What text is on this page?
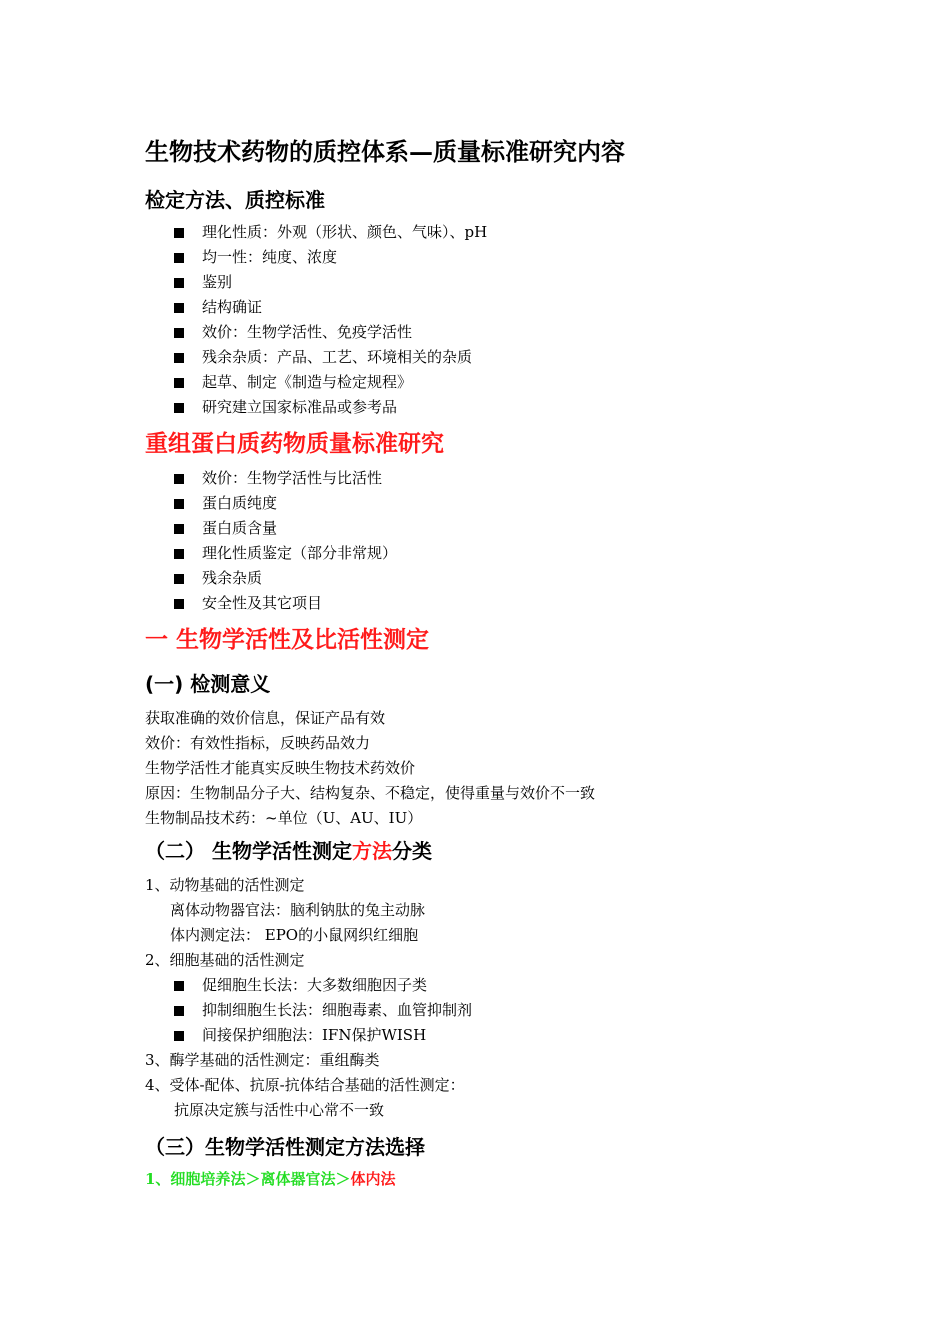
生物技术药物的质控体系—质量标准研究内容
检定方法、质控标准
理化性质：外观（形状、颜色、气味）、pH
均一性：纯度、浓度
鉴别
结构确证
效价：生物学活性、免疫学活性
残余杂质：产品、工艺、环境相关的杂质
起草、制定《制造与检定规程》
研究建立国家标准品或参考品
重组蛋白质药物质量标准研究
效价：生物学活性与比活性
蛋白质纯度
蛋白质含量
理化性质鉴定（部分非常规）
残余杂质
安全性及其它项目
一 生物学活性及比活性测定
(一) 检测意义
获取准确的效价信息，保证产品有效
效价：有效性指标，反映药品效力
生物学活性才能真实反映生物技术药效价
原因：生物制品分子大、结构复杂、不稳定，使得重量与效价不一致
生物制品技术药：~单位（U、AU、IU）
（二） 生物学活性测定方法分类
1、动物基础的活性测定
离体动物器官法：脑利钠肽的兔主动脉
体内测定法： EPO的小鼠网织红细胞
2、细胞基础的活性测定
促细胞生长法：大多数细胞因子类
抑制细胞生长法：细胞毒素、血管抑制剂
间接保护细胞法：IFN保护WISH
3、酶学基础的活性测定：重组酶类
4、受体-配体、抗原-抗体结合基础的活性测定：
抗原决定簇与活性中心常不一致
（三）生物学活性测定方法选择
1、细胞培养法＞离体器官法＞体内法
